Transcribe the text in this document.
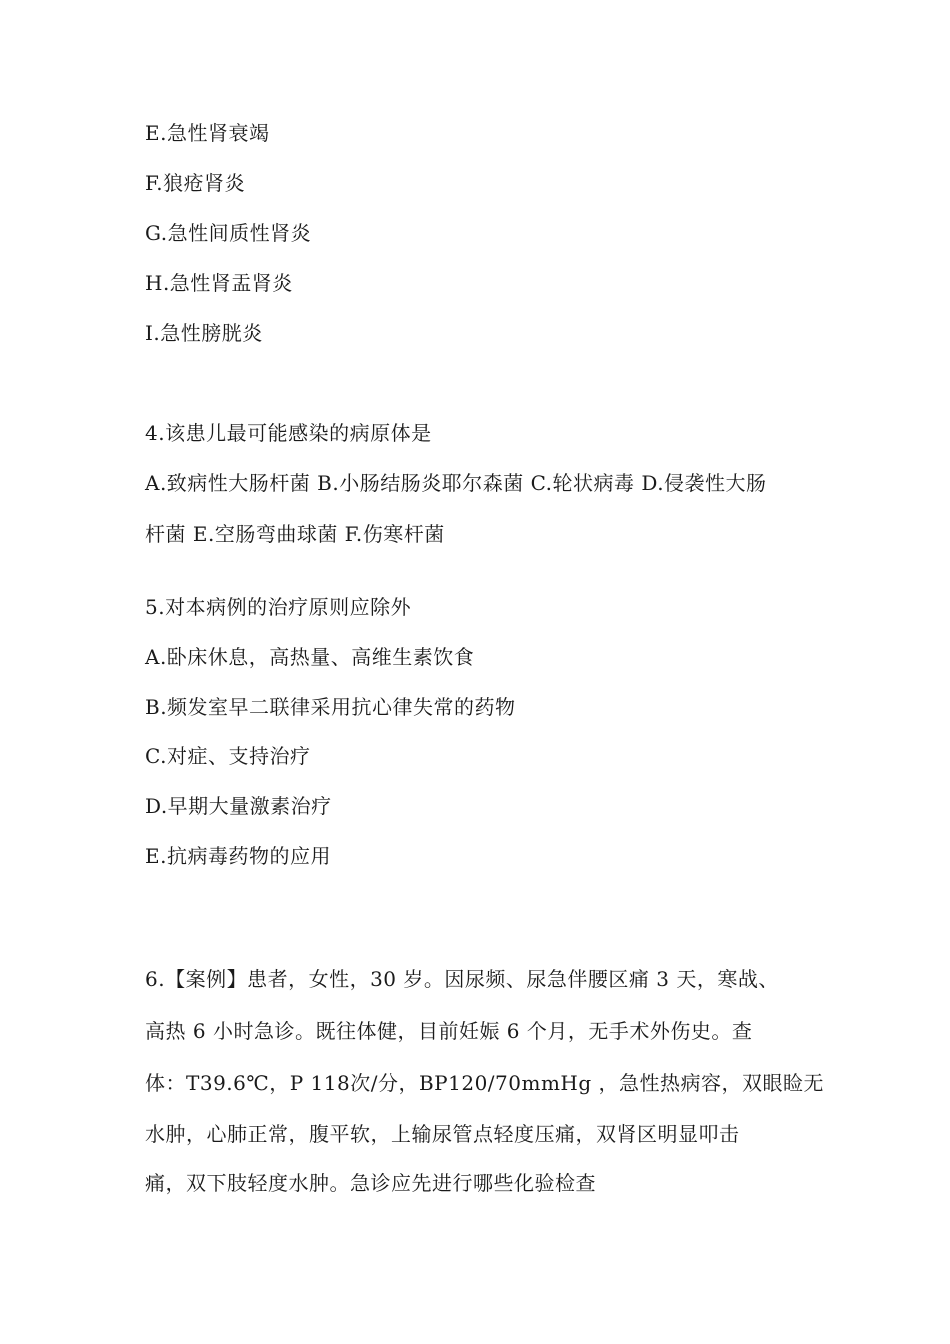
E.急性肾衰竭
F.狼疮肾炎
G.急性间质性肾炎
H.急性肾盂肾炎
I.急性膀胱炎
4.该患儿最可能感染的病原体是
A.致病性大肠杆菌 B.小肠结肠炎耶尔森菌 C.轮状病毒 D.侵袭性大肠
杆菌 E.空肠弯曲球菌 F.伤寒杆菌
5.对本病例的治疗原则应除外
A.卧床休息，高热量、高维生素饮食
B.频发室早二联律采用抗心律失常的药物
C.对症、支持治疗
D.早期大量激素治疗
E.抗病毒药物的应用
6.【案例】患者，女性，30 岁。因尿频、尿急伴腰区痛 3 天，寒战、
高热 6 小时急诊。既往体健，目前妊娠 6 个月，无手术外伤史。查
体：T39.6℃，P 118次/分，BP120/70mmHg ，急性热病容，双眼睑无
水肿，心肺正常，腹平软，上输尿管点轻度压痛，双肾区明显叩击
痛，双下肢轻度水肿。急诊应先进行哪些化验检查
